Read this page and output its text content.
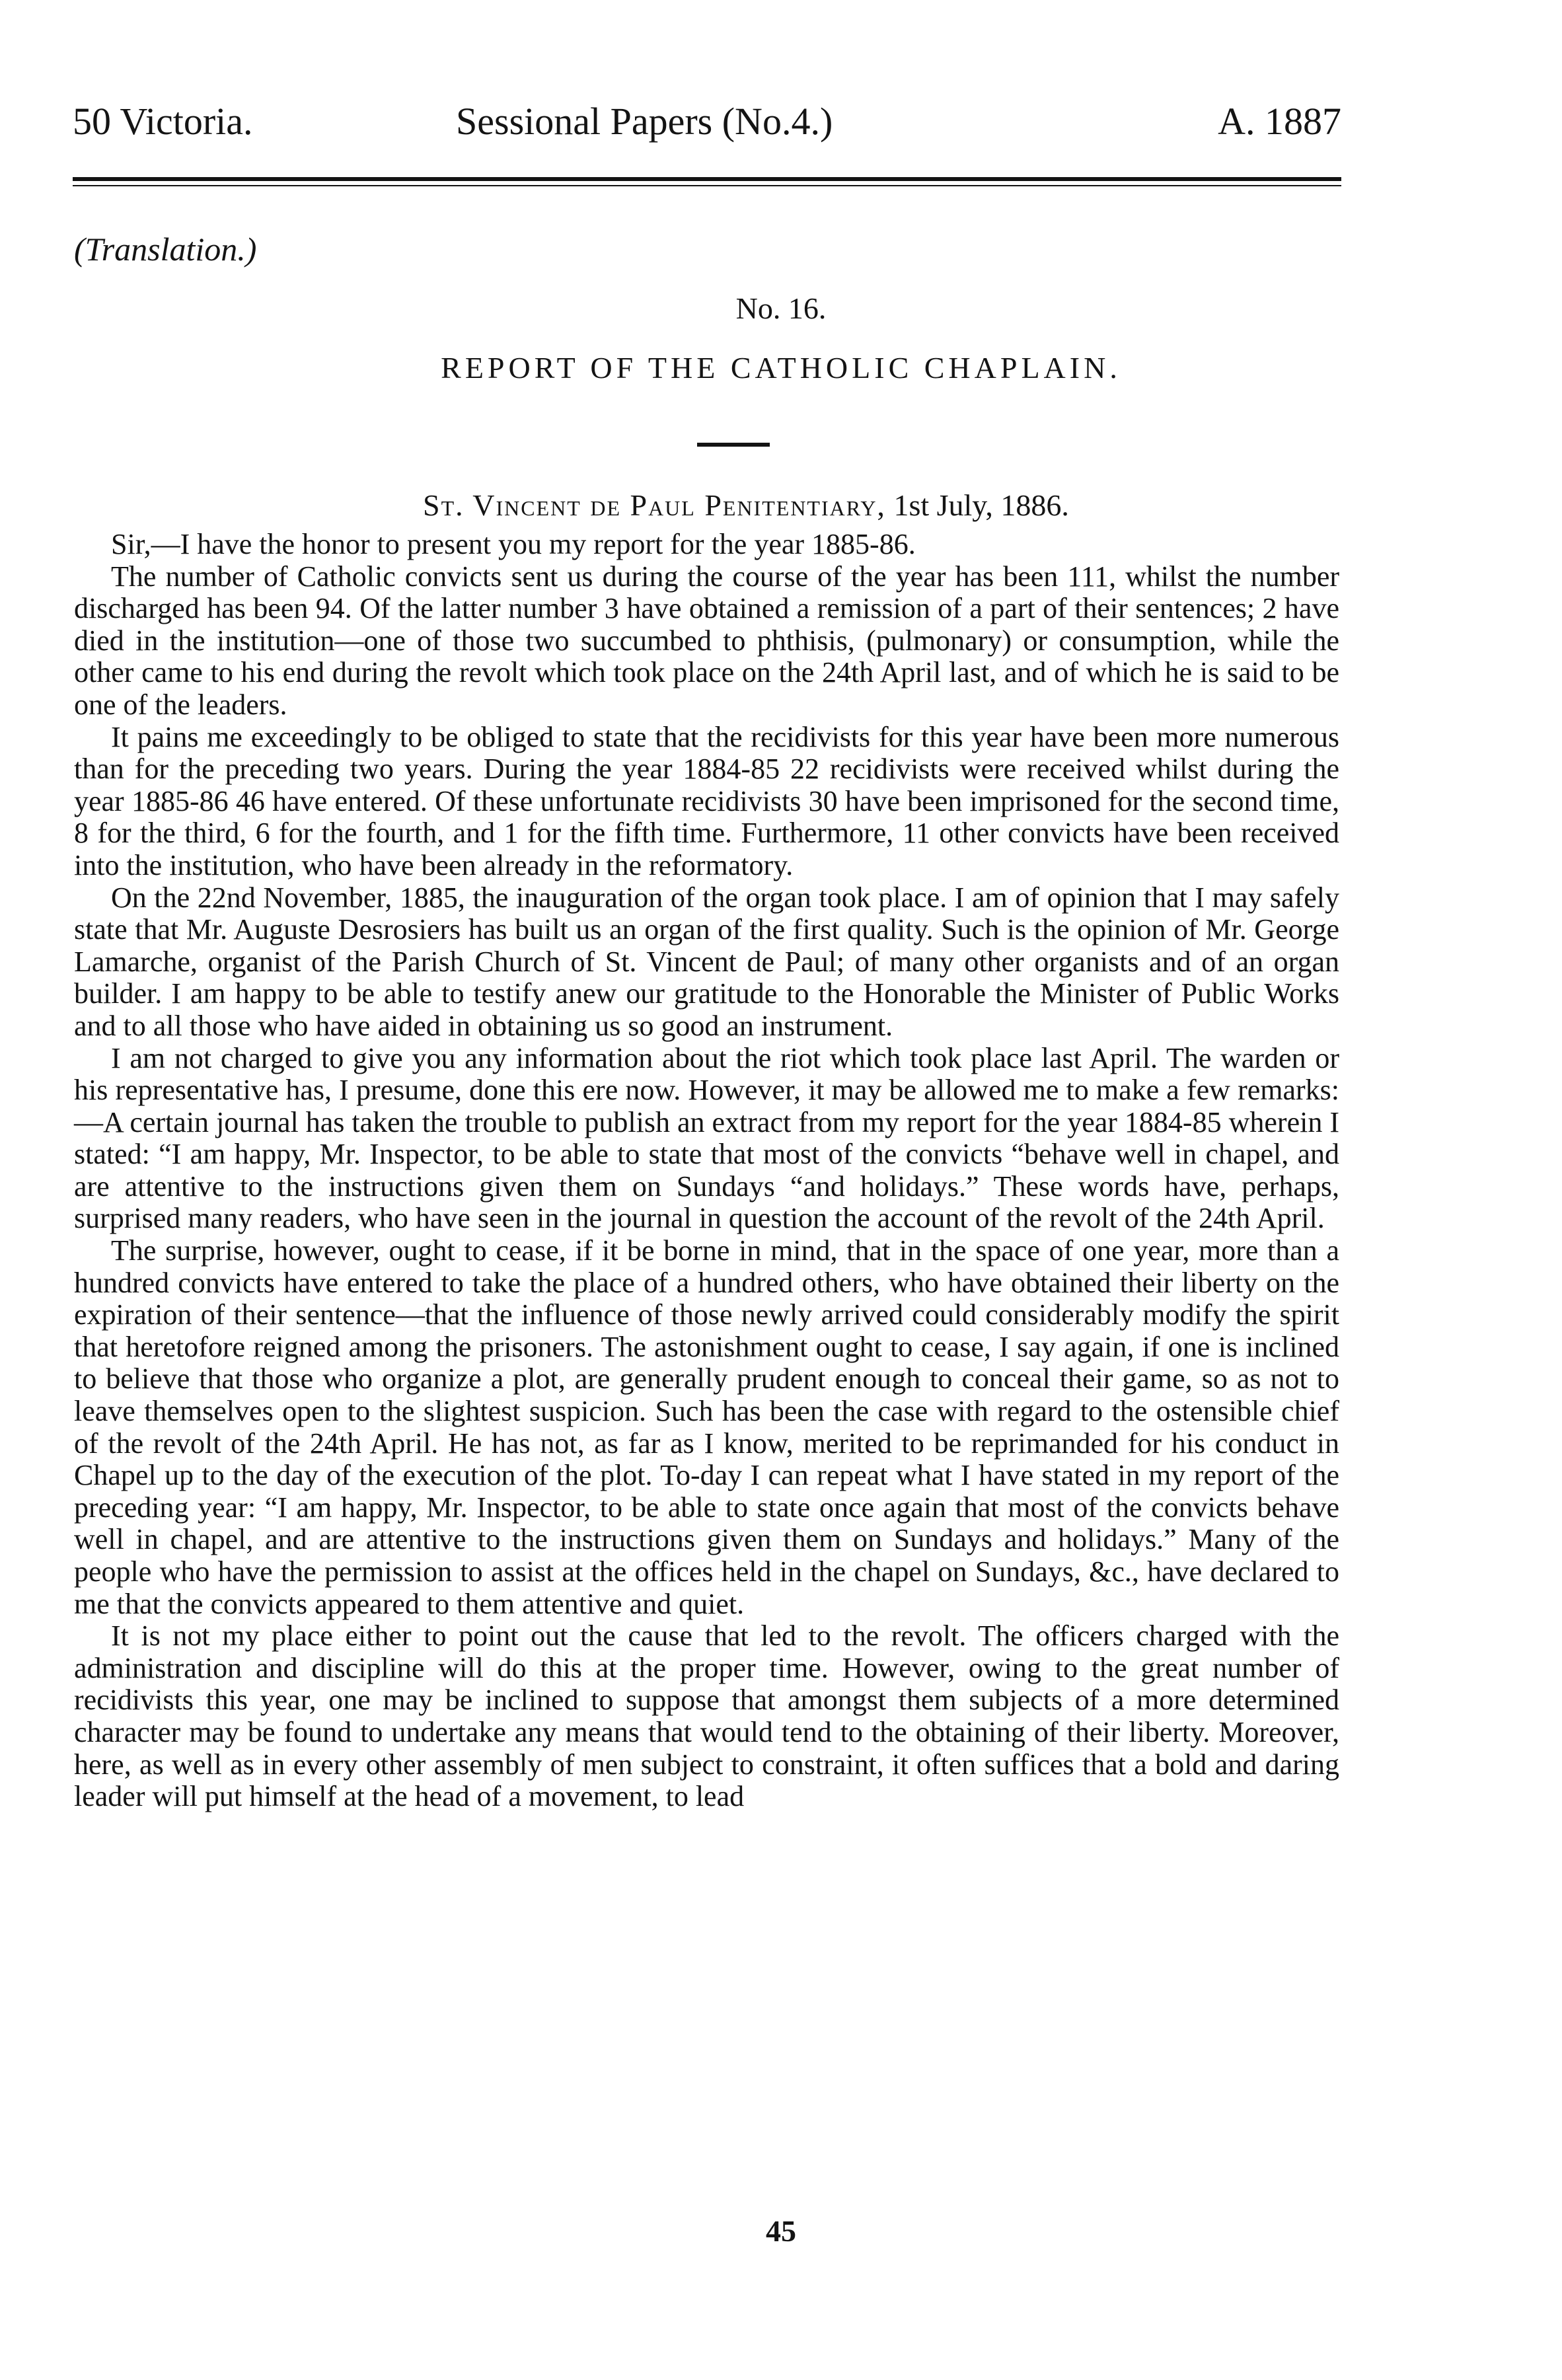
50 Victoria.	Sessional Papers (No.4.)	A. 1887
(Translation.)
No. 16.
REPORT OF THE CATHOLIC CHAPLAIN.
St. Vincent de Paul Penitentiary, 1st July, 1886.

Sir,—I have the honor to present you my report for the year 1885-86.

The number of Catholic convicts sent us during the course of the year has been 111, whilst the number discharged has been 94. Of the latter number 3 have obtained a remission of a part of their sentences; 2 have died in the institution—one of those two succumbed to phthisis, (pulmonary) or consumption, while the other came to his end during the revolt which took place on the 24th April last, and of which he is said to be one of the leaders.

It pains me exceedingly to be obliged to state that the recidivists for this year have been more numerous than for the preceding two years. During the year 1884-85 22 recidivists were received whilst during the year 1885-86 46 have entered. Of these unfortunate recidivists 30 have been imprisoned for the second time, 8 for the third, 6 for the fourth, and 1 for the fifth time. Furthermore, 11 other convicts have been received into the institution, who have been already in the reformatory.

On the 22nd November, 1885, the inauguration of the organ took place. I am of opinion that I may safely state that Mr. Auguste Desrosiers has built us an organ of the first quality. Such is the opinion of Mr. George Lamarche, organist of the Parish Church of St. Vincent de Paul; of many other organists and of an organ builder. I am happy to be able to testify anew our gratitude to the Honorable the Minister of Public Works and to all those who have aided in obtaining us so good an instrument.

I am not charged to give you any information about the riot which took place last April. The warden or his representative has, I presume, done this ere now. However, it may be allowed me to make a few remarks:—A certain journal has taken the trouble to publish an extract from my report for the year 1884-85 wherein I stated: “I am happy, Mr. Inspector, to be able to state that most of the convicts “behave well in chapel, and are attentive to the instructions given them on Sundays “and holidays.” These words have, perhaps, surprised many readers, who have seen in the journal in question the account of the revolt of the 24th April.

The surprise, however, ought to cease, if it be borne in mind, that in the space of one year, more than a hundred convicts have entered to take the place of a hundred others, who have obtained their liberty on the expiration of their sentence—that the influence of those newly arrived could considerably modify the spirit that heretofore reigned among the prisoners. The astonishment ought to cease, I say again, if one is inclined to believe that those who organize a plot, are generally prudent enough to conceal their game, so as not to leave themselves open to the slightest suspicion. Such has been the case with regard to the ostensible chief of the revolt of the 24th April. He has not, as far as I know, merited to be reprimanded for his conduct in Chapel up to the day of the execution of the plot. To-day I can repeat what I have stated in my report of the preceding year: “I am happy, Mr. Inspector, to be able to state once again that most of the convicts behave well in chapel, and are attentive to the instructions given them on Sundays and holidays.” Many of the people who have the permission to assist at the offices held in the chapel on Sundays, &c., have declared to me that the convicts appeared to them attentive and quiet.

It is not my place either to point out the cause that led to the revolt. The officers charged with the administration and discipline will do this at the proper time. However, owing to the great number of recidivists this year, one may be inclined to suppose that amongst them subjects of a more determined character may be found to undertake any means that would tend to the obtaining of their liberty. Moreover, here, as well as in every other assembly of men subject to constraint, it often suffices that a bold and daring leader will put himself at the head of a movement, to lead

45
